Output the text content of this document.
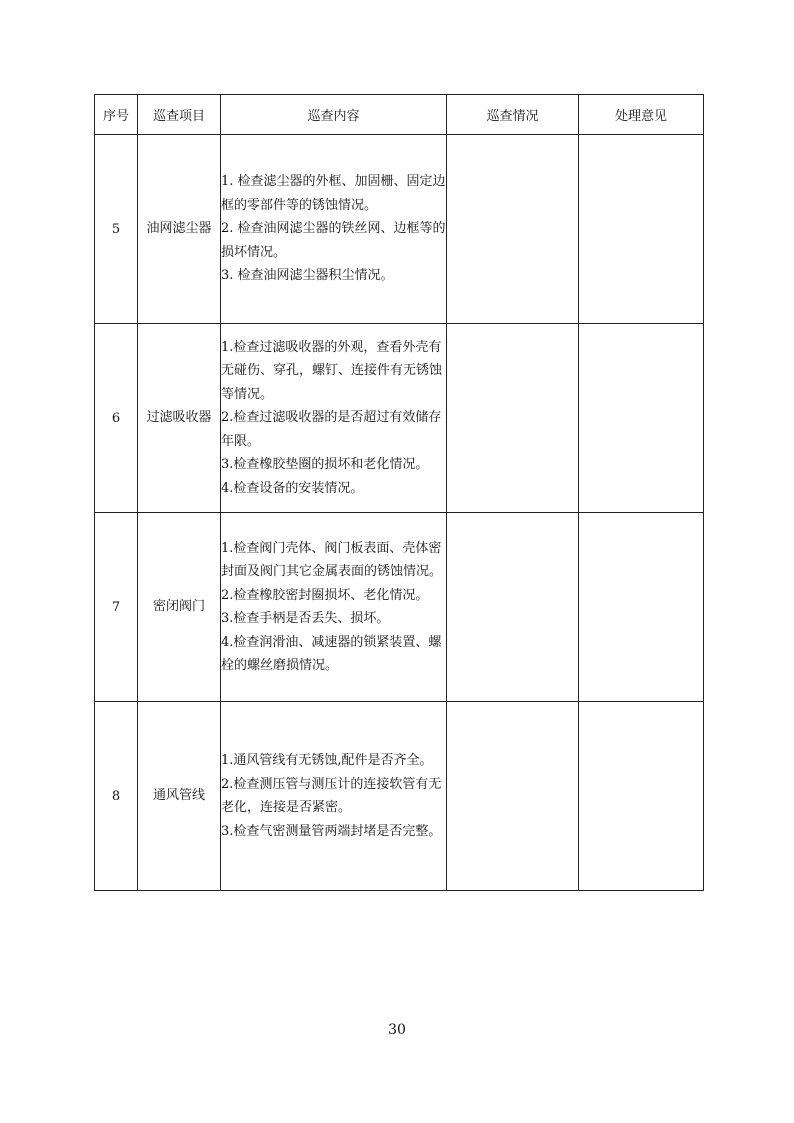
序号	巡查项目	巡查内容	巡查情况	处理意见
5	油网滤尘器	1. 检查滤尘器的外框、加固栅、固定边框的零部件等的锈蚀情况。
2. 检查油网滤尘器的铁丝网、边框等的损坏情况。
3. 检查油网滤尘器积尘情况。		

6	过滤吸收器	1.检查过滤吸收器的外观，查看外壳有无碰伤、穿孔，螺钉、连接件有无锈蚀等情况。
2.检查过滤吸收器的是否超过有效储存年限。
3.检查橡胶垫圈的损坏和老化情况。
4.检查设备的安装情况。		

7	密闭阀门	1.检查阀门壳体、阀门板表面、壳体密封面及阀门其它金属表面的锈蚀情况。
2.检查橡胶密封圈损坏、老化情况。
3.检查手柄是否丢失、损坏。
4.检查润滑油、减速器的锁紧装置、螺栓的螺丝磨损情况。		

8	通风管线	1.通风管线有无锈蚀,配件是否齐全。
2.检查测压管与测压计的连接软管有无老化，连接是否紧密。
3.检查气密测量管两端封堵是否完整。		

30
